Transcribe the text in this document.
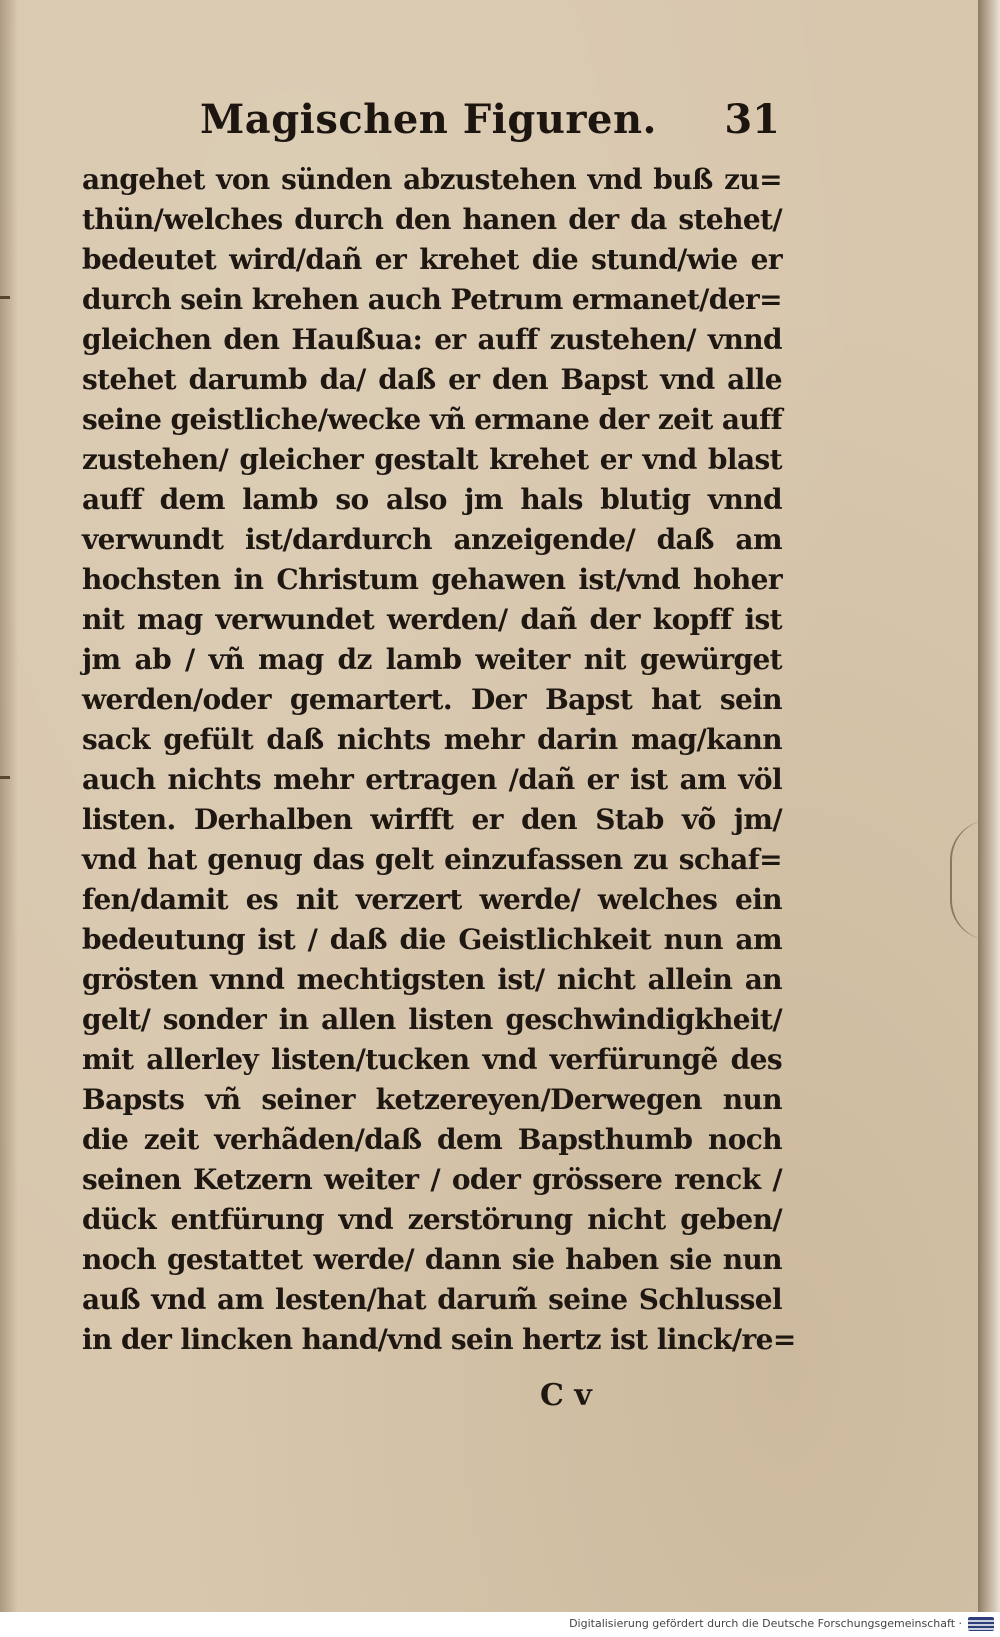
Magischen Figuren. 31
angehet von sünden abzustehen vnd buß zu=
thün/welches durch den hanen der da stehet/
bedeutet wird/dañ er krehet die stund/wie er
durch sein krehen auch Petrum ermanet/der=
gleichen den Haußua: er auff zustehen/ vnnd
stehet darumb da/ daß er den Bapst vnd alle
seine geistliche/wecke vñ ermane der zeit auff
zustehen/ gleicher gestalt krehet er vnd blast
auff dem lamb so also jm hals blutig vnnd
verwundt ist/dardurch anzeigende/ daß am
hochsten in Christum gehawen ist/vnd hoher
nit mag verwundet werden/ dañ der kopff ist
jm ab / vñ mag dz lamb weiter nit gewürget
werden/oder gemartert. Der Bapst hat sein
sack gefült daß nichts mehr darin mag/kann
auch nichts mehr ertragen /dañ er ist am völ
listen. Derhalben wirfft er den Stab võ jm/
vnd hat genug das gelt einzufassen zu schaf=
fen/damit es nit verzert werde/ welches ein
bedeutung ist / daß die Geistlichkeit nun am
grösten vnnd mechtigsten ist/ nicht allein an
gelt/ sonder in allen listen geschwindigkheit/
mit allerley listen/tucken vnd verfürungẽ des
Bapsts vñ seiner ketzereyen/Derwegen nun
die zeit verhãden/daß dem Bapsthumb noch
seinen Ketzern weiter / oder grössere renck /
dück entfürung vnd zerstörung nicht geben/
noch gestattet werde/ dann sie haben sie nun
auß vnd am lesten/hat darum̃ seine Schlussel
in der lincken hand/vnd sein hertz ist linck/re=
C v
Digitalisierung gefördert durch die Deutsche Forschungsgemeinschaft ·
